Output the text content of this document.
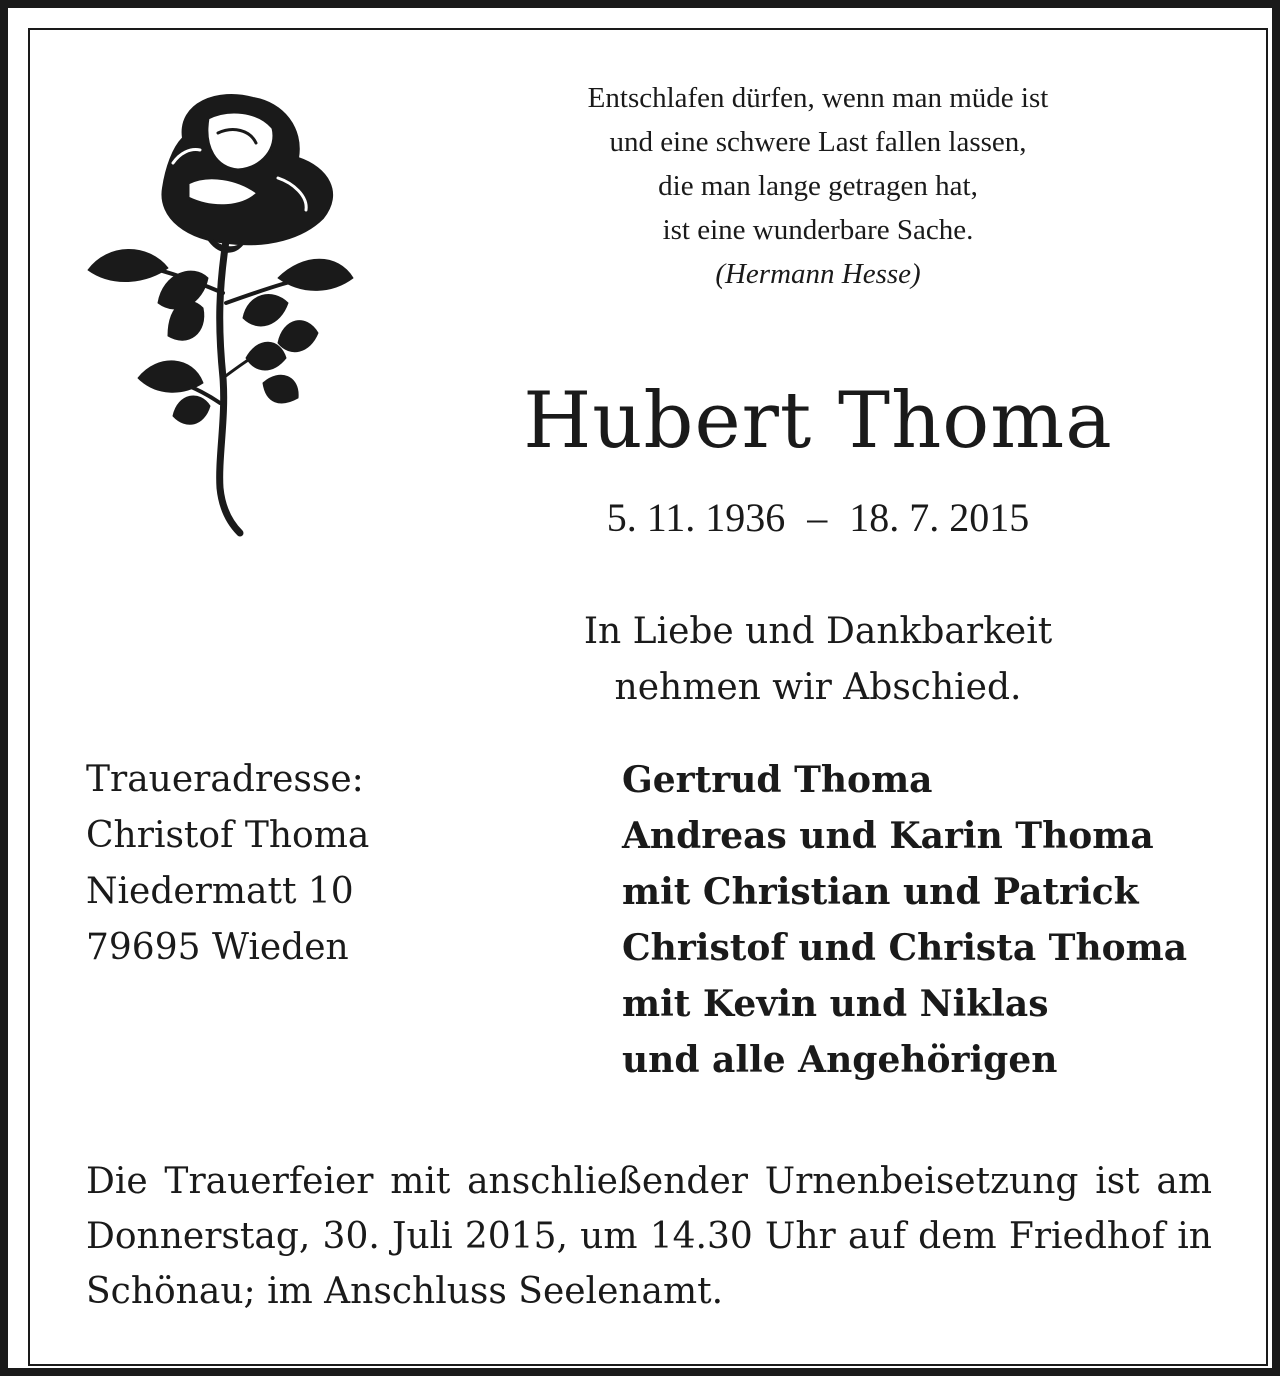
Entschlafen dürfen, wenn man müde ist
und eine schwere Last fallen lassen,
die man lange getragen hat,
ist eine wunderbare Sache.
(Hermann Hesse)
Hubert Thoma
5. 11. 1936 – 18. 7. 2015
In Liebe und Dankbarkeit
nehmen wir Abschied.
Traueradresse:
Christof Thoma
Niedermatt 10
79695 Wieden
Gertrud Thoma
Andreas und Karin Thoma
mit Christian und Patrick
Christof und Christa Thoma
mit Kevin und Niklas
und alle Angehörigen
Die Trauerfeier mit anschließender Urnenbeisetzung ist am Donnerstag, 30. Juli 2015, um 14.30 Uhr auf dem Friedhof in Schönau; im Anschluss Seelenamt.
